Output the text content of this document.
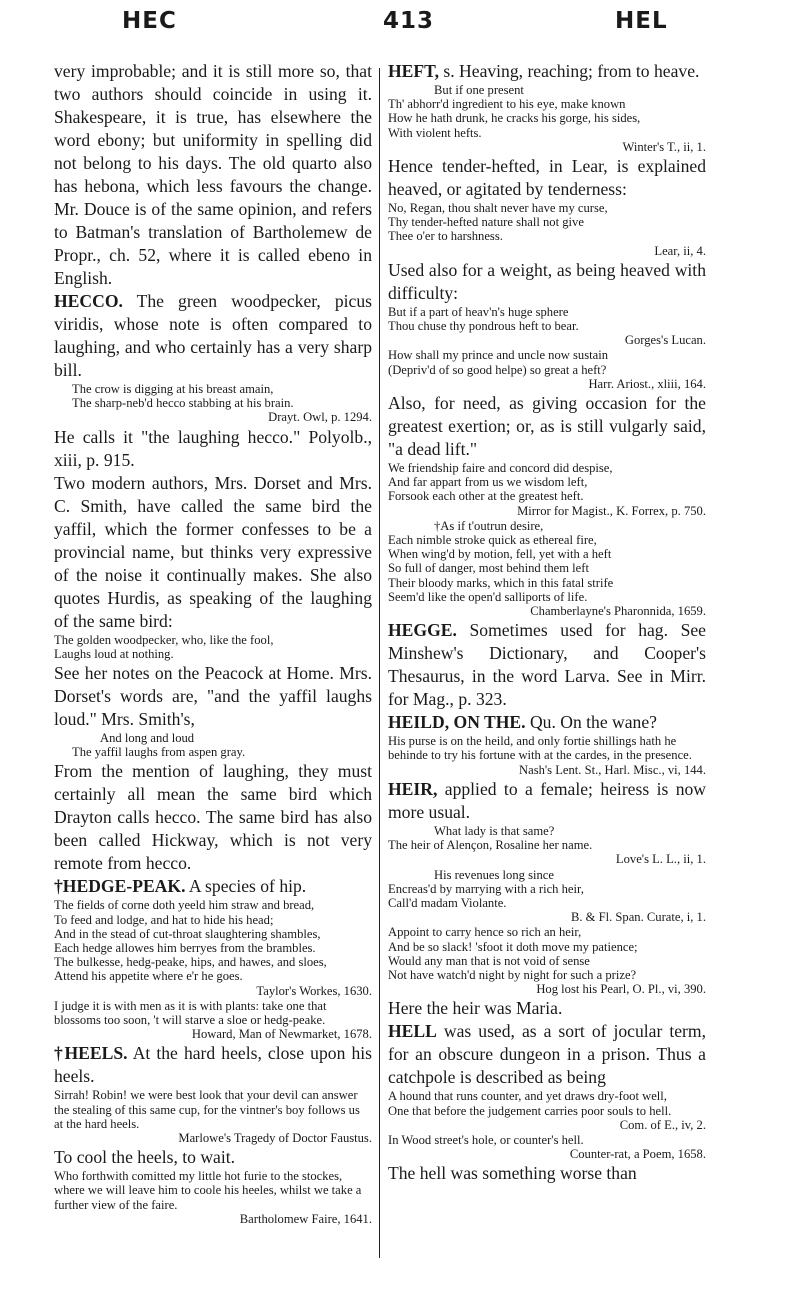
HEC	413	HEL

very improbable; and it is still more so, that two authors should coincide in using it. Shakespeare, it is true, has elsewhere the word ebony; but uniformity in spelling did not belong to his days. The old quarto also has hebona, which less favours the change. Mr. Douce is of the same opinion, and refers to Batman's translation of Bartholemew de Propr., ch. 52, where it is called ebeno in English.

HECCO. The green woodpecker, picus viridis, whose note is often compared to laughing, and who certainly has a very sharp bill.

The crow is digging at his breast amain,
The sharp-neb'd hecco stabbing at his brain.
Drayt. Owl, p. 1294.

He calls it "the laughing hecco." Polyolb., xiii, p. 915.

Two modern authors, Mrs. Dorset and Mrs. C. Smith, have called the same bird the yaffil, which the former confesses to be a provincial name, but thinks very expressive of the noise it continually makes. She also quotes Hurdis, as speaking of the laughing of the same bird:

The golden woodpecker, who, like the fool,
Laughs loud at nothing.

See her notes on the Peacock at Home. Mrs. Dorset's words are, "and the yaffil laughs loud." Mrs. Smith's,

And long and loud
The yaffil laughs from aspen gray.

From the mention of laughing, they must certainly all mean the same bird which Drayton calls hecco. The same bird has also been called Hickway, which is not very remote from hecco.

†HEDGE-PEAK. A species of hip.

The fields of corne doth yeeld him straw and bread,
To feed and lodge, and hat to hide his head;
And in the stead of cut-throat slaughtering shambles,
Each hedge allowes him berryes from the brambles.
The bulkesse, hedg-peake, hips, and hawes, and sloes,
Attend his appetite where e'r he goes.
Taylor's Workes, 1630.
I judge it is with men as it is with plants: take one that blossoms too soon, 't will starve a sloe or hedg-peake.
Howard, Man of Newmarket, 1678.

†HEELS. At the hard heels, close upon his heels.

Sirrah! Robin! we were best look that your devil can answer the stealing of this same cup, for the vintner's boy follows us at the hard heels.
Marlowe's Tragedy of Doctor Faustus.

To cool the heels, to wait.

Who forthwith comitted my little hot furie to the stockes, where we will leave him to coole his heeles, whilst we take a further view of the faire.
Bartholomew Faire, 1641.

HEFT, s. Heaving, reaching; from to heave.

But if one present
Th' abhorr'd ingredient to his eye, make known
How he hath drunk, he cracks his gorge, his sides,
With violent hefts.
Winter's T., ii, 1.

Hence tender-hefted, in Lear, is explained heaved, or agitated by tenderness:

No, Regan, thou shalt never have my curse,
Thy tender-hefted nature shall not give
Thee o'er to harshness.
Lear, ii, 4.

Used also for a weight, as being heaved with difficulty:

But if a part of heav'n's huge sphere
Thou chuse thy pondrous heft to bear.
Gorges's Lucan.
How shall my prince and uncle now sustain
(Depriv'd of so good helpe) so great a heft?
Harr. Ariost., xliii, 164.

Also, for need, as giving occasion for the greatest exertion; or, as is still vulgarly said, "a dead lift."

We friendship faire and concord did despise,
And far appart from us we wisdom left,
Forsook each other at the greatest heft.
Mirror for Magist., K. Forrex, p. 750.
†As if t'outrun desire,
Each nimble stroke quick as ethereal fire,
When wing'd by motion, fell, yet with a heft
So full of danger, most behind them left
Their bloody marks, which in this fatal strife
Seem'd like the open'd salliports of life.
Chamberlayne's Pharonnida, 1659.

HEGGE. Sometimes used for hag. See Minshew's Dictionary, and Cooper's Thesaurus, in the word Larva. See in Mirr. for Mag., p. 323.

HEILD, ON THE. Qu. On the wane?

His purse is on the heild, and only fortie shillings hath he behinde to try his fortune with at the cardes, in the presence.
Nash's Lent. St., Harl. Misc., vi, 144.

HEIR, applied to a female; heiress is now more usual.

What lady is that same?
The heir of Alençon, Rosaline her name.
Love's L. L., ii, 1.
His revenues long since
Encreas'd by marrying with a rich heir,
Call'd madam Violante.
B. & Fl. Span. Curate, i, 1.
Appoint to carry hence so rich an heir,
And be so slack! 'sfoot it doth move my patience;
Would any man that is not void of sense
Not have watch'd night by night for such a prize?
Hog lost his Pearl, O. Pl., vi, 390.

Here the heir was Maria.

HELL was used, as a sort of jocular term, for an obscure dungeon in a prison. Thus a catchpole is described as being

A hound that runs counter, and yet draws dry-foot well,
One that before the judgement carries poor souls to hell.
Com. of E., iv, 2.
In Wood street's hole, or counter's hell.
Counter-rat, a Poem, 1658.

The hell was something worse than
